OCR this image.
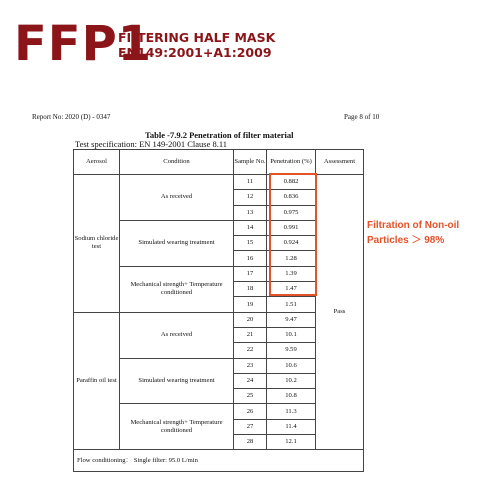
FFP1
FILTERING HALF MASK
EN149:2001+A1:2009
Report No: 2020 (D) - 0347	Page 8 of 10
Table -7.9.2 Penetration of filter material
Test specification: EN 149-2001 Clause 8.11
Aerosol	Condition	Sample No.	Penetration (%)	Assessment
Sodium chloride test	As received	11	0.882	Pass
		12	0.836	
		13	0.975	
	Simulated wearing treatment	14	0.991	
		15	0.924	
		16	1.28	
	Mechanical strength+ Temperature conditioned	17	1.39	
		18	1.47	
		19	1.51	
Paraffin oil test	As received	20	9.47	
		21	10.1	
		22	9.59	
	Simulated wearing treatment	23	10.6	
		24	10.2	
		25	10.8	
	Mechanical strength+ Temperature conditioned	26	11.3	
		27	11.4	
		28	12.1	
Flow conditioning： Single filter: 95.0 L/min				
Filtration of Non-oil
Particles ＞ 98%
